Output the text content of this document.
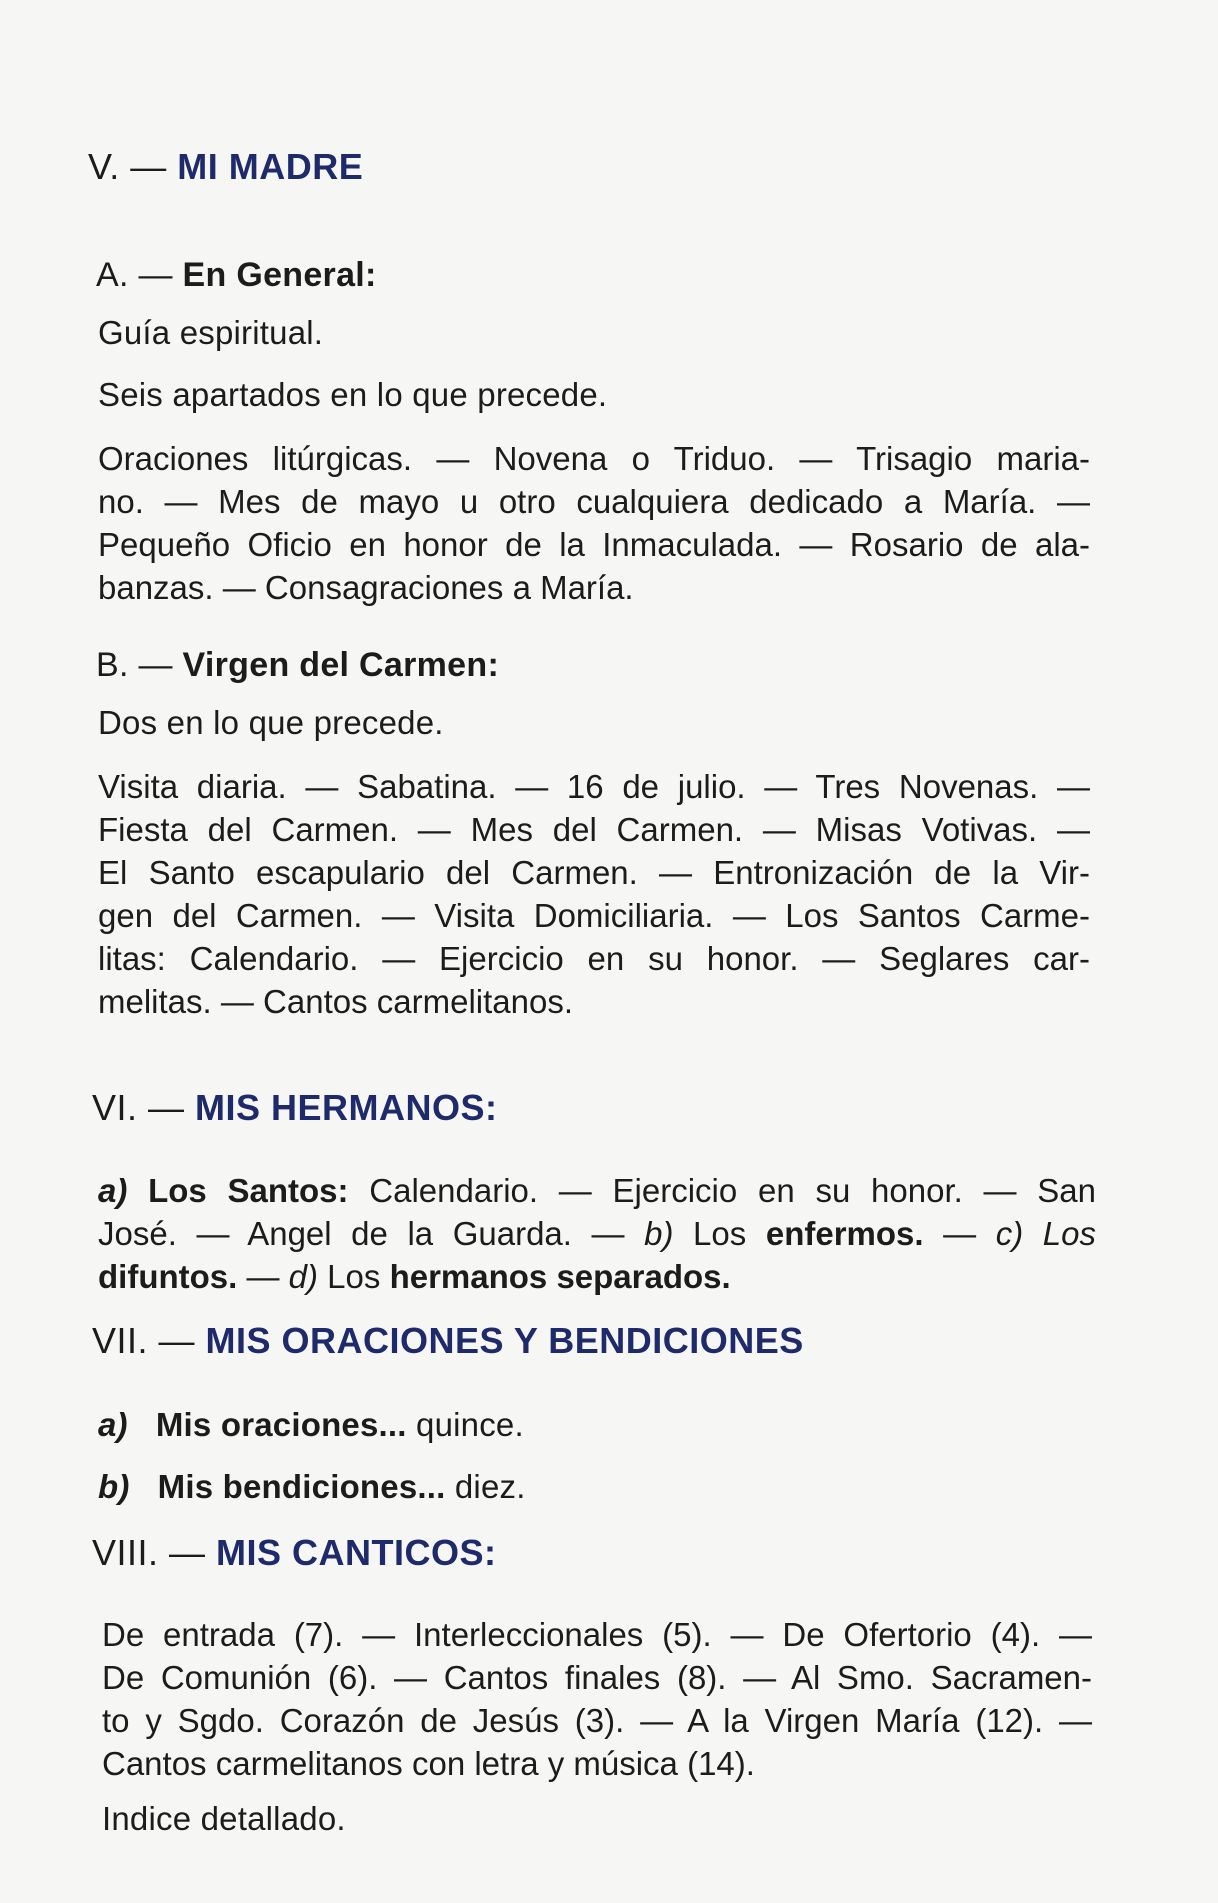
V. — MI MADRE
A. — En General:

Guía espiritual.

Seis apartados en lo que precede.

Oraciones litúrgicas. — Novena o Triduo. — Trisagio maria-
no. — Mes de mayo u otro cualquiera dedicado a María. —
Pequeño Oficio en honor de la Inmaculada. — Rosario de ala-
banzas. — Consagraciones a María.
B. — Virgen del Carmen:

Dos en lo que precede.

Visita diaria. — Sabatina. — 16 de julio. — Tres Novenas. —
Fiesta del Carmen. — Mes del Carmen. — Misas Votivas. —
El Santo escapulario del Carmen. — Entronización de la Vir-
gen del Carmen. — Visita Domiciliaria. — Los Santos Carme-
litas: Calendario. — Ejercicio en su honor. — Seglares car-
melitas. — Cantos carmelitanos.
VI. — MIS HERMANOS:
a) Los Santos: Calendario. — Ejercicio en su honor. — San
José. — Angel de la Guarda. — b) Los enfermos. — c) Los
difuntos. — d) Los hermanos separados.
VII. — MIS ORACIONES Y BENDICIONES

a) Mis oraciones... quince.

b) Mis bendiciones... diez.

VIII. — MIS CANTICOS:
De entrada (7). — Interleccionales (5). — De Ofertorio (4). —
De Comunión (6). — Cantos finales (8). — Al Smo. Sacramen-
to y Sgdo. Corazón de Jesús (3). — A la Virgen María (12). —
Cantos carmelitanos con letra y música (14).

Indice detallado.
